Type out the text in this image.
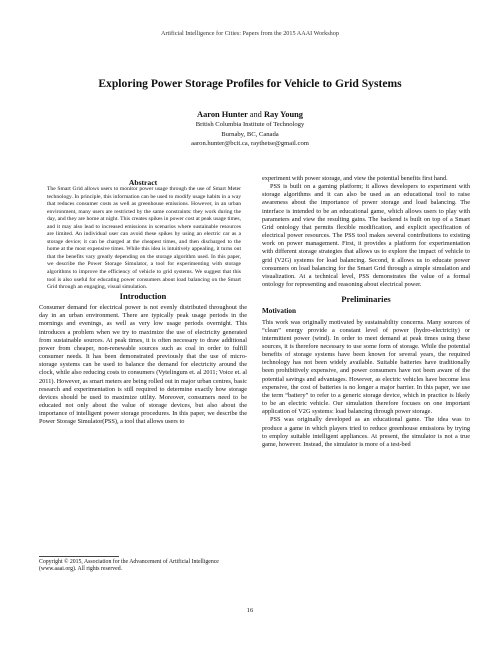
Artificial Intelligence for Cities: Papers from the 2015 AAAI Workshop
Exploring Power Storage Profiles for Vehicle to Grid Systems
Aaron Hunter and Ray Young
British Columbia Institute of Technology
Burnaby, BC, Canada
aaron.hunter@bcit.ca, raythetse@gmail.com
Abstract

The Smart Grid allows users to monitor power usage through the use of Smart Meter technology. In principle, this information can be used to modify usage habits in a way that reduces consumer costs as well as greenhouse emissions. However, in an urban environment, many users are restricted by the same constraints: they work during the day, and they are home at night. This creates spikes in power cost at peak usage times, and it may also lead to increased emissions in scenarios where sustainable resources are limited. An individual user can avoid these spikes by using an electric car as a storage device; it can be charged at the cheapest times, and then discharged to the home at the most expensive times. While this idea is intuitively appealing, it turns out that the benefits vary greatly depending on the storage algorithm used. In this paper, we describe the Power Storage Simulator, a tool for experimenting with storage algorithms to improve the efficiency of vehicle to grid systems. We suggest that this tool is also useful for educating power consumers about load balancing on the Smart Grid through an engaging, visual simulation.

Introduction

Consumer demand for electrical power is not evenly distributed throughout the day in an urban environment. There are typically peak usage periods in the mornings and evenings, as well as very low usage periods overnight. This introduces a problem when we try to maximize the use of electricity generated from sustainable sources. At peak times, it is often necessary to draw additional power from cheaper, non-renewable sources such as coal in order to fulfill consumer needs. It has been demonstrated previously that the use of micro-storage systems can be used to balance the demand for electricity around the clock, while also reducing costs to consumers (Vytelingum et. al 2011; Voice et. al 2011). However, as smart meters are being rolled out in major urban centres, basic research and experimentation is still required to determine exactly how storage devices should be used to maximize utility. Moreover, consumers need to be educated not only about the value of storage devices, but also about the importance of intelligent power storage procedures. In this paper, we describe the Power Storage Simulator(PSS), a tool that allows users to

experiment with power storage, and view the potential benefits first hand.

PSS is built on a gaming platform; it allows developers to experiment with storage algorithms and it can also be used as an educational tool to raise awareness about the importance of power storage and load balancing. The interface is intended to be an educational game, which allows users to play with parameters and view the resulting gains. The backend is built on top of a Smart Grid ontology that permits flexible modification, and explicit specification of electrical power resources. The PSS tool makes several contributions to existing work on power management. First, it provides a platform for experimentation with different storage strategies that allows us to explore the impact of vehicle to grid (V2G) systems for load balancing. Second, it allows us to educate power consumers on load balancing for the Smart Grid through a simple simulation and visualization. At a technical level, PSS demonstrates the value of a formal ontology for representing and reasoning about electrical power.

Preliminaries
Motivation

This work was originally motivated by sustainability concerns. Many sources of “clean” energy provide a constant level of power (hydro-electricity) or intermittent power (wind). In order to meet demand at peak times using these sources, it is therefore necessary to use some form of storage. While the potential benefits of storage systems have been known for several years, the required technology has not been widely available. Suitable batteries have traditionally been prohibitively expensive, and power consumers have not been aware of the potential savings and advantages. However, as electric vehicles have become less expensive, the cost of batteries is no longer a major barrier. In this paper, we use the term “battery” to refer to a generic storage device, which in practice is likely to be an electric vehicle. Our simulation therefore focuses on one important application of V2G systems: load balancing through power storage.

PSS was originally developed as an educational game. The idea was to produce a game in which players tried to reduce greenhouse emissions by trying to employ suitable intelligent appliances. At present, the simulator is not a true game, however. Instead, the simulator is more of a test-bed

Copyright © 2015, Association for the Advancement of Artificial Intelligence (www.aaai.org). All rights reserved.
16
